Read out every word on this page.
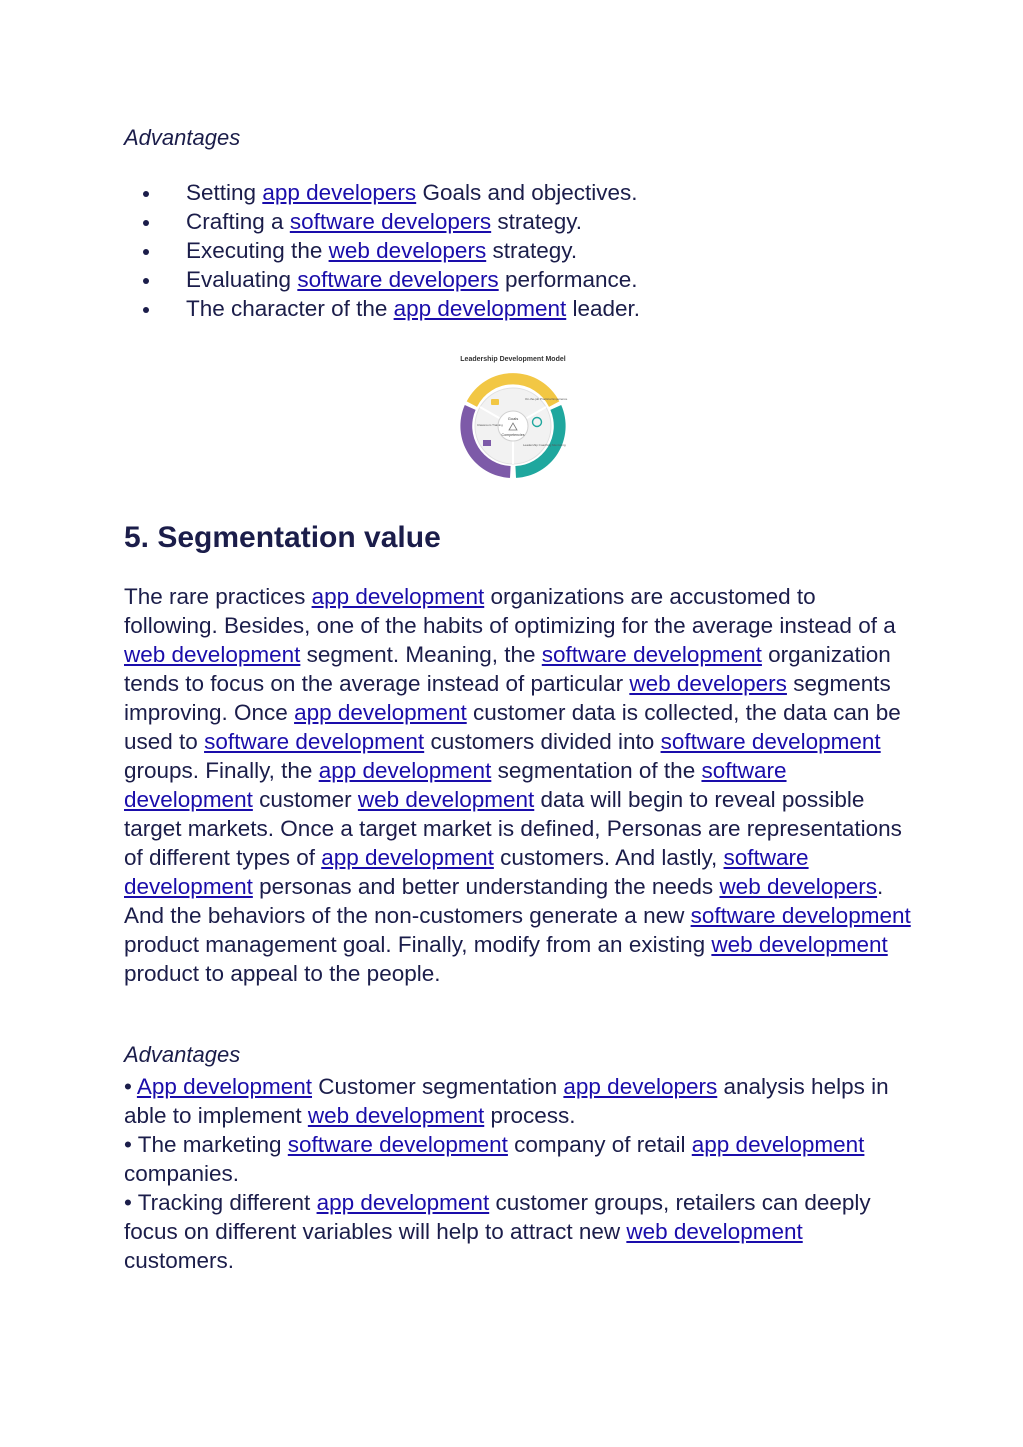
Advantages

Setting app developers Goals and objectives.
Crafting a software developers strategy.
Executing the web developers strategy.
Evaluating software developers performance.
The character of the app development leader.
Leadership Development Model
Goals
Competencies
On-the-job Practical Experience
Leadership Coaching Mentoring
Classroom Training
5. Segmentation value

The rare practices app development organizations are accustomed to following. Besides, one of the habits of optimizing for the average instead of a web development segment. Meaning, the software development organization tends to focus on the average instead of particular web developers segments improving. Once app development customer data is collected, the data can be used to software development customers divided into software development groups. Finally, the app development segmentation of the software development customer web development data will begin to reveal possible target markets. Once a target market is defined, Personas are representations of different types of app development customers. And lastly, software development personas and better understanding the needs web developers. And the behaviors of the non-customers generate a new software development product management goal. Finally, modify from an existing web development product to appeal to the people.

Advantages

• App development Customer segmentation app developers analysis helps in able to implement web development process.
• The marketing software development company of retail app development companies.
• Tracking different app development customer groups, retailers can deeply focus on different variables will help to attract new web development customers.
